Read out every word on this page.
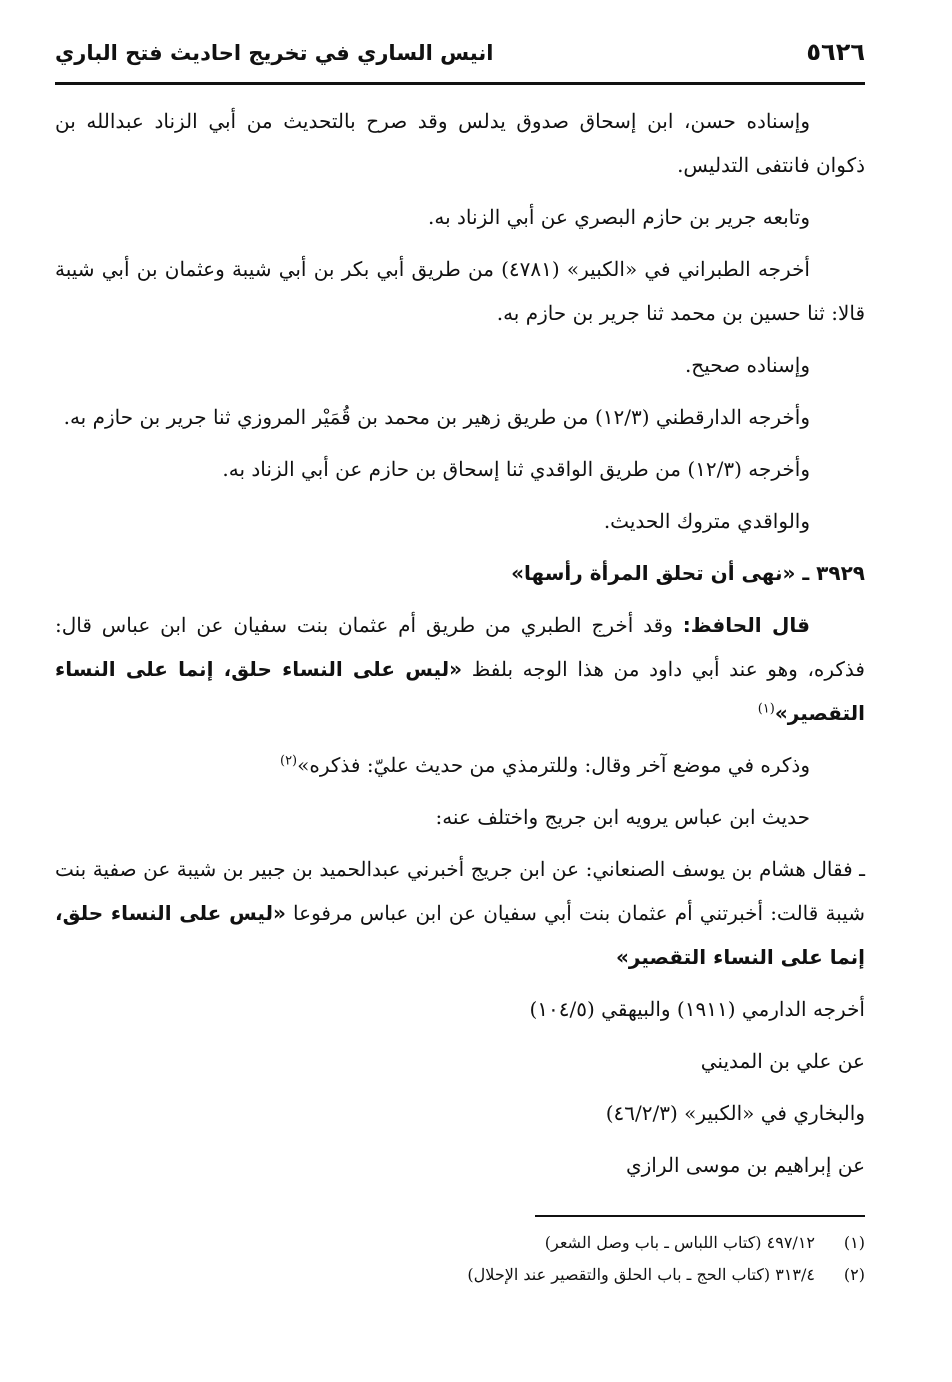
٥٦٢٦
انيس الساري في تخريج احاديث فتح الباري

وإسناده حسن، ابن إسحاق صدوق يدلس وقد صرح بالتحديث من أبي الزناد عبدالله بن ذكوان فانتفى التدليس.

وتابعه جرير بن حازم البصري عن أبي الزناد به.

أخرجه الطبراني في «الكبير» (٤٧٨١) من طريق أبي بكر بن أبي شيبة وعثمان بن أبي شيبة قالا: ثنا حسين بن محمد ثنا جرير بن حازم به.

وإسناده صحيح.

وأخرجه الدارقطني (١٢/٣) من طريق زهير بن محمد بن قُمَيْر المروزي ثنا جرير بن حازم به.

وأخرجه (١٢/٣) من طريق الواقدي ثنا إسحاق بن حازم عن أبي الزناد به.

والواقدي متروك الحديث.

٣٩٢٩ ـ «نهى أن تحلق المرأة رأسها»

قال الحافظ: وقد أخرج الطبري من طريق أم عثمان بنت سفيان عن ابن عباس قال: فذكره، وهو عند أبي داود من هذا الوجه بلفظ «ليس على النساء حلق، إنما على النساء التقصير»$^{(١)}$

وذكره في موضع آخر وقال: وللترمذي من حديث عليّ: فذكره»$^{(٢)}$

حديث ابن عباس يرويه ابن جريج واختلف عنه:

ـ فقال هشام بن يوسف الصنعاني: عن ابن جريج أخبرني عبدالحميد بن جبير بن شيبة عن صفية بنت شيبة قالت: أخبرتني أم عثمان بنت أبي سفيان عن ابن عباس مرفوعا «ليس على النساء حلق، إنما على النساء التقصير»

أخرجه الدارمي (١٩١١) والبيهقي (١٠٤/٥)

عن علي بن المديني

والبخاري في «الكبير» (٤٦/٢/٣)

عن إبراهيم بن موسى الرازي

(١)
٤٩٧/١٢ (كتاب اللباس ـ باب وصل الشعر)
(٢)
٣١٣/٤ (كتاب الحج ـ باب الحلق والتقصير عند الإحلال)
